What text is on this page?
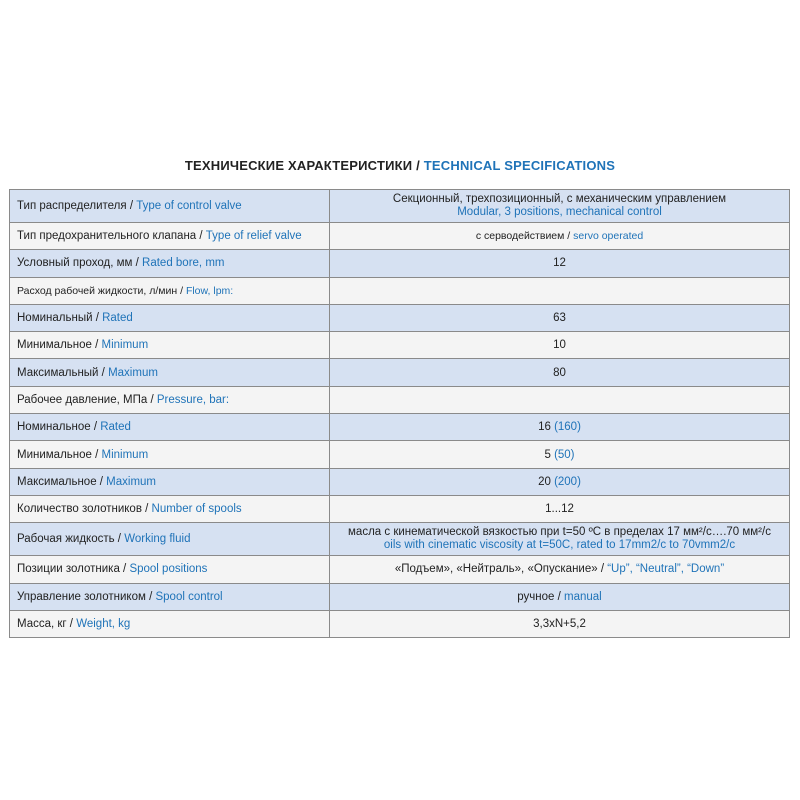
ТЕХНИЧЕСКИЕ ХАРАКТЕРИСТИКИ / TECHNICAL SPECIFICATIONS
Тип распределителя / Type of control valve	Секционный, трехпозиционный, с механическим управлением
Modular, 3 positions, mechanical control

Тип предохранительного клапана / Type of relief valve	с серводействием / servo operated
Условный проход, мм / Rated bore, mm	12
Расход рабочей жидкости, л/мин / Flow, lpm:	
Номинальный / Rated	63
Минимальное / Minimum	10
Максимальный / Maximum	80
Рабочее давление, МПа / Pressure, bar:	
Номинальное / Rated	16 (160)
Минимальное / Minimum	5 (50)
Максимальное / Maximum	20 (200)
Количество золотников / Number of spools	1...12
Рабочая жидкость / Working fluid	масла с кинематической вязкостью при t=50 ºС в пределах 17 мм²/с….70 мм²/с
oils with cinematic viscosity at t=50C, rated to 17mm2/c to 70vmm2/c

Позиции золотника / Spool positions	«Подъем», «Нейтраль», «Опускание» / “Up”, “Neutral”, “Down”
Управление золотником / Spool control	ручное / manual
Масса, кг / Weight, kg	3,3xN+5,2
